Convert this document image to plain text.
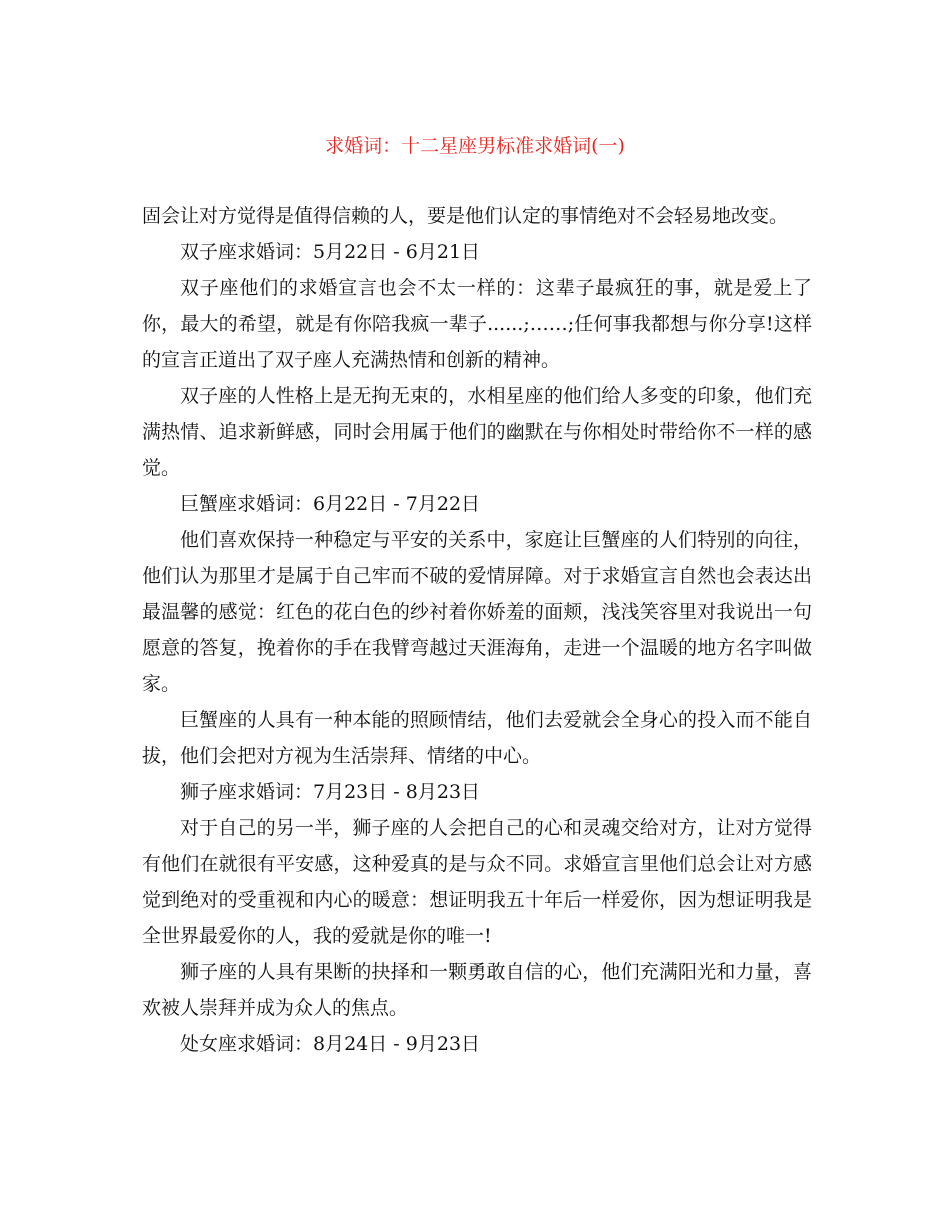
求婚词：十二星座男标准求婚词(一)

固会让对方觉得是值得信赖的人，要是他们认定的事情绝对不会轻易地改变。

双子座求婚词：5月22日 - 6月21日

双子座他们的求婚宣言也会不太一样的：这辈子最疯狂的事，就是爱上了你，最大的希望，就是有你陪我疯一辈子......;……;任何事我都想与你分享!这样的宣言正道出了双子座人充满热情和创新的精神。

双子座的人性格上是无拘无束的，水相星座的他们给人多变的印象，他们充满热情、追求新鲜感，同时会用属于他们的幽默在与你相处时带给你不一样的感觉。

巨蟹座求婚词：6月22日 - 7月22日

他们喜欢保持一种稳定与平安的关系中，家庭让巨蟹座的人们特别的向往，他们认为那里才是属于自己牢而不破的爱情屏障。对于求婚宣言自然也会表达出最温馨的感觉：红色的花白色的纱衬着你娇羞的面颊，浅浅笑容里对我说出一句愿意的答复，挽着你的手在我臂弯越过天涯海角，走进一个温暖的地方名字叫做家。

巨蟹座的人具有一种本能的照顾情结，他们去爱就会全身心的投入而不能自拔，他们会把对方视为生活崇拜、情绪的中心。

狮子座求婚词：7月23日 - 8月23日

对于自己的另一半，狮子座的人会把自己的心和灵魂交给对方，让对方觉得有他们在就很有平安感，这种爱真的是与众不同。求婚宣言里他们总会让对方感觉到绝对的受重视和内心的暖意：想证明我五十年后一样爱你，因为想证明我是全世界最爱你的人，我的爱就是你的唯一!

狮子座的人具有果断的抉择和一颗勇敢自信的心，他们充满阳光和力量，喜欢被人崇拜并成为众人的焦点。

处女座求婚词：8月24日 - 9月23日
